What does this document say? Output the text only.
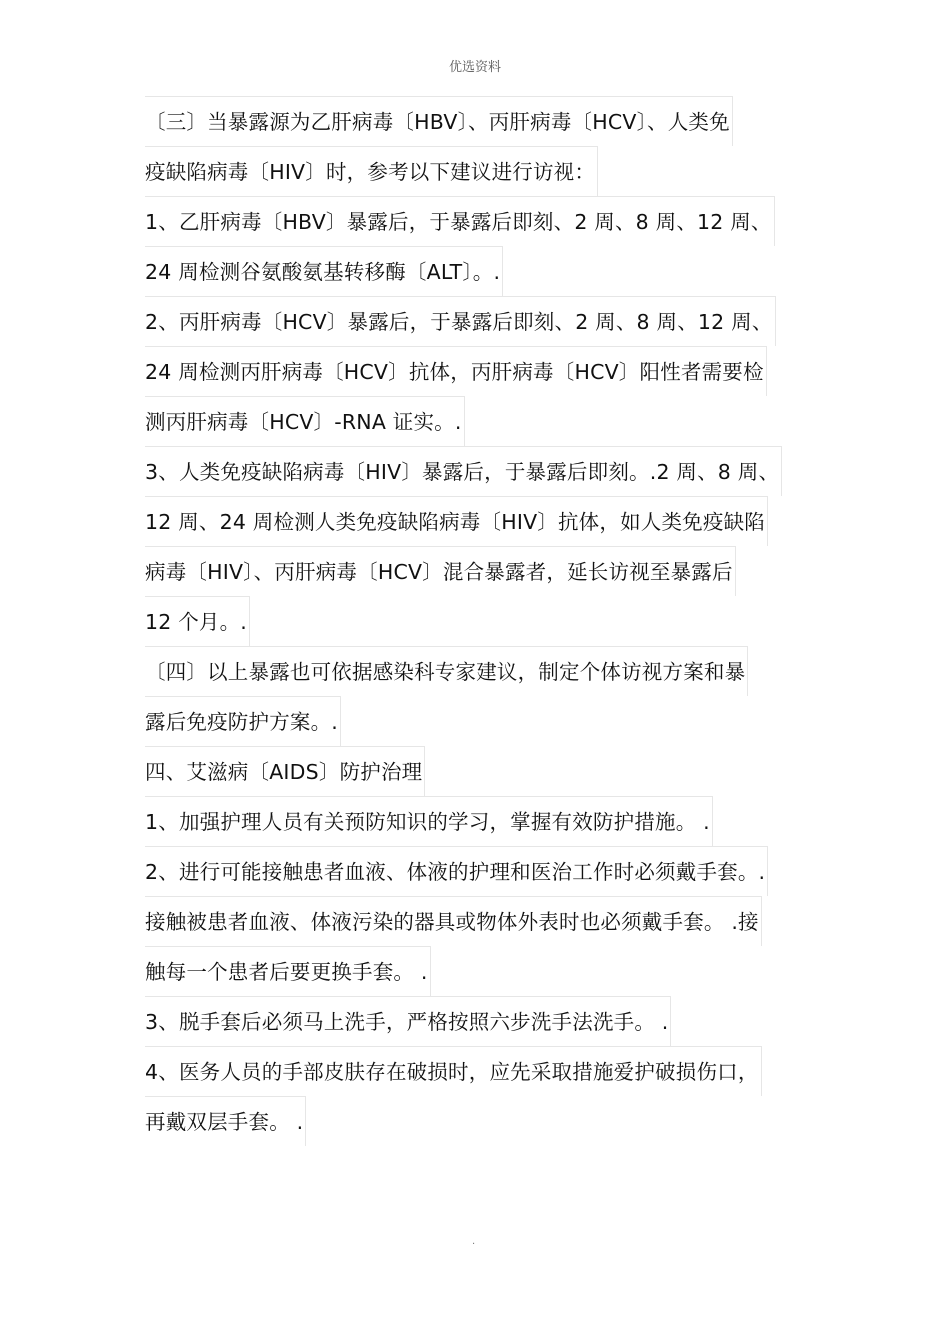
优选资料
〔三〕当暴露源为乙肝病毒〔HBV〕、丙肝病毒〔HCV〕、人类免
疫缺陷病毒〔HIV〕时，参考以下建议进行访视：
1、乙肝病毒〔HBV〕暴露后，于暴露后即刻、2 周、8 周、12 周、
24 周检测谷氨酸氨基转移酶〔ALT〕。.
2、丙肝病毒〔HCV〕暴露后，于暴露后即刻、2 周、8 周、12 周、
24 周检测丙肝病毒〔HCV〕抗体，丙肝病毒〔HCV〕阳性者需要检
测丙肝病毒〔HCV〕-RNA 证实。.
3、人类免疫缺陷病毒〔HIV〕暴露后，于暴露后即刻。.2 周、8 周、
12 周、24 周检测人类免疫缺陷病毒〔HIV〕抗体，如人类免疫缺陷
病毒〔HIV〕、丙肝病毒〔HCV〕混合暴露者，延长访视至暴露后
12 个月。.
〔四〕以上暴露也可依据感染科专家建议，制定个体访视方案和暴
露后免疫防护方案。.
四、艾滋病〔AIDS〕防护治理
1、加强护理人员有关预防知识的学习，掌握有效防护措施。 .
2、进行可能接触患者血液、体液的护理和医治工作时必须戴手套。.
接触被患者血液、体液污染的器具或物体外表时也必须戴手套。 .接
触每一个患者后要更换手套。 .
3、脱手套后必须马上洗手，严格按照六步洗手法洗手。 .
4、医务人员的手部皮肤存在破损时，应先采取措施爱护破损伤口，
再戴双层手套。 .
.
